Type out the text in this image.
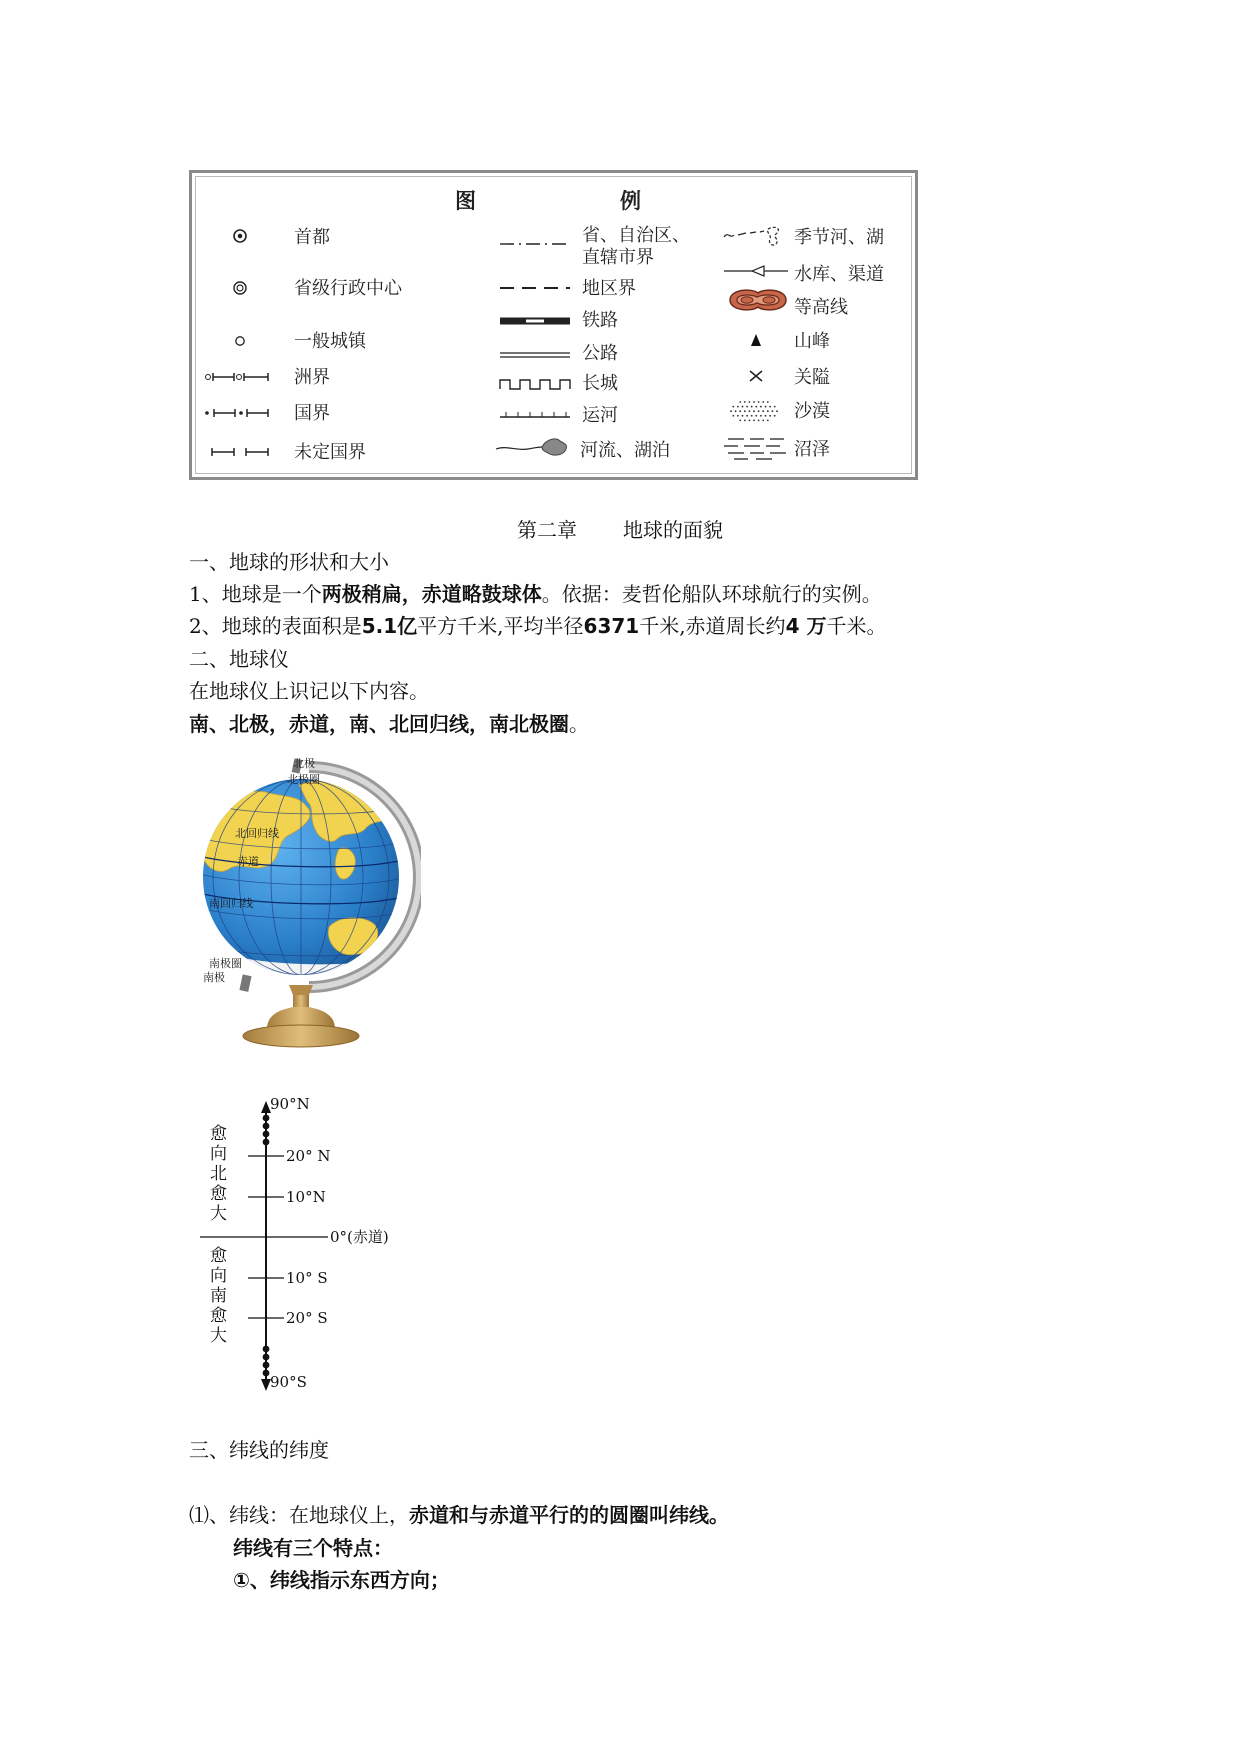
图	例
首都
省级行政中心
一般城镇
洲界
国界
未定国界
省、自治区、
直辖市界
地区界
铁路
公路
长城
运河
河流、湖泊
季节河、湖
水库、渠道
等高线
山峰
关隘
沙漠
沼泽
第二章 地球的面貌
一、地球的形状和大小
1、地球是一个两极稍扁，赤道略鼓球体。依据：麦哲伦船队环球航行的实例。
2、地球的表面积是5.1亿平方千米,平均半径6371千米,赤道周长约4 万千米。
二、地球仪
在地球仪上识记以下内容。
南、北极，赤道，南、北回归线，南北极圈。
北极
北极圈
北回归线
赤道
南回归线
南极圈
南极
90°N
20° N
10°N
0°(赤道)
10° S
20° S
90°S
愈
向
北
愈
大
愈
向
南
愈
大
三、纬线的纬度
⑴、纬线：在地球仪上，赤道和与赤道平行的的圆圈叫纬线。
纬线有三个特点：
①、纬线指示东西方向；
